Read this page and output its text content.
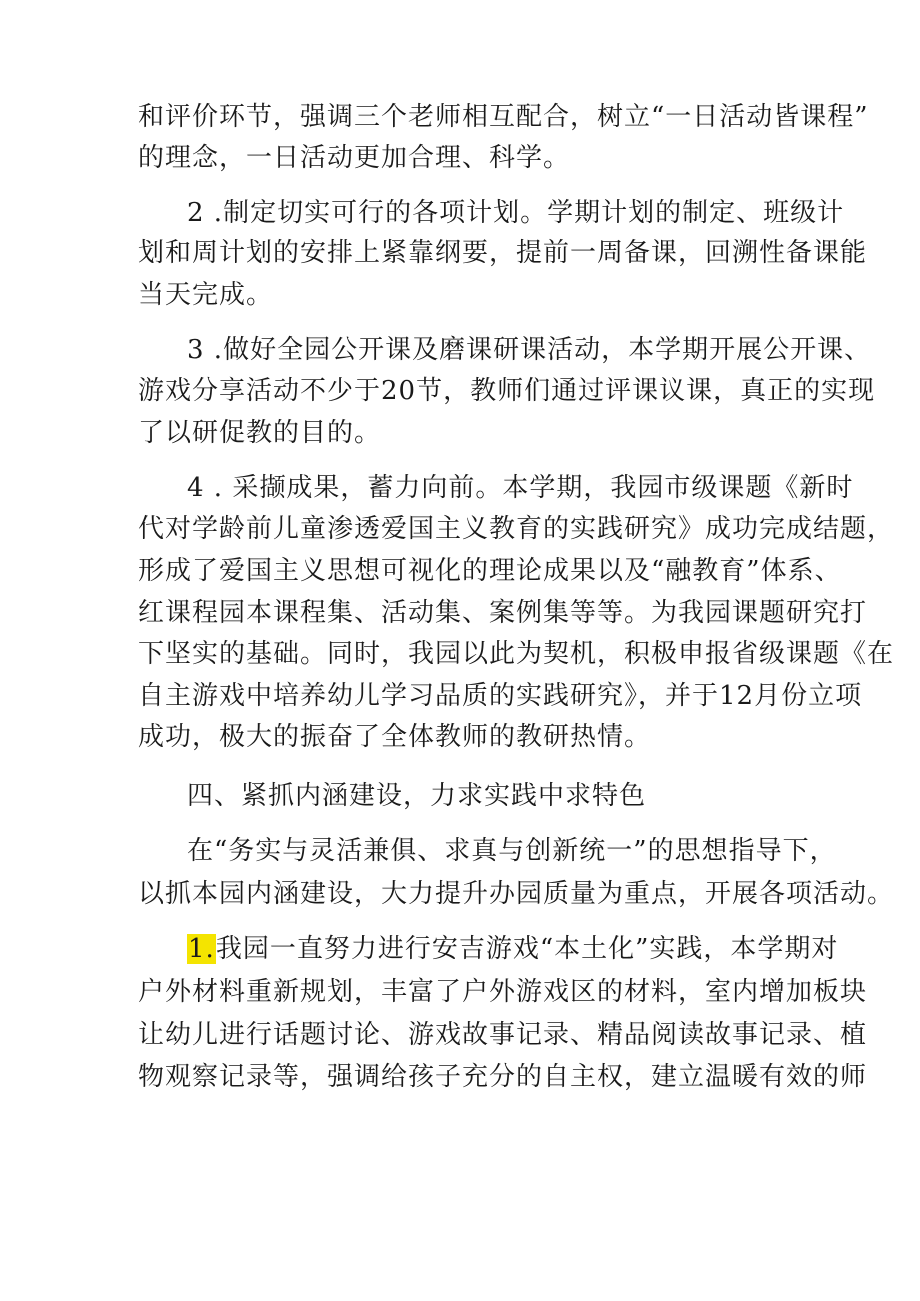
和评价环节，强调三个老师相互配合，树立“一日活动皆课程”
的理念，一日活动更加合理、科学。
2 .制定切实可行的各项计划。学期计划的制定、班级计
划和周计划的安排上紧靠纲要，提前一周备课，回溯性备课能
当天完成。
3 .做好全园公开课及磨课研课活动，本学期开展公开课、
游戏分享活动不少于20节，教师们通过评课议课，真正的实现
了以研促教的目的。
4 . 采撷成果，蓄力向前。本学期，我园市级课题《新时
代对学龄前儿童渗透爱国主义教育的实践研究》成功完成结题，
形成了爱国主义思想可视化的理论成果以及“融教育”体系、
红课程园本课程集、活动集、案例集等等。为我园课题研究打
下坚实的基础。同时，我园以此为契机，积极申报省级课题《在
自主游戏中培养幼儿学习品质的实践研究》，并于12月份立项
成功，极大的振奋了全体教师的教研热情。
四、紧抓内涵建设，力求实践中求特色
在“务实与灵活兼俱、求真与创新统一”的思想指导下，
以抓本园内涵建设，大力提升办园质量为重点，开展各项活动。
1.我园一直努力进行安吉游戏“本土化”实践，本学期对
户外材料重新规划，丰富了户外游戏区的材料，室内增加板块
让幼儿进行话题讨论、游戏故事记录、精品阅读故事记录、植
物观察记录等，强调给孩子充分的自主权，建立温暖有效的师
